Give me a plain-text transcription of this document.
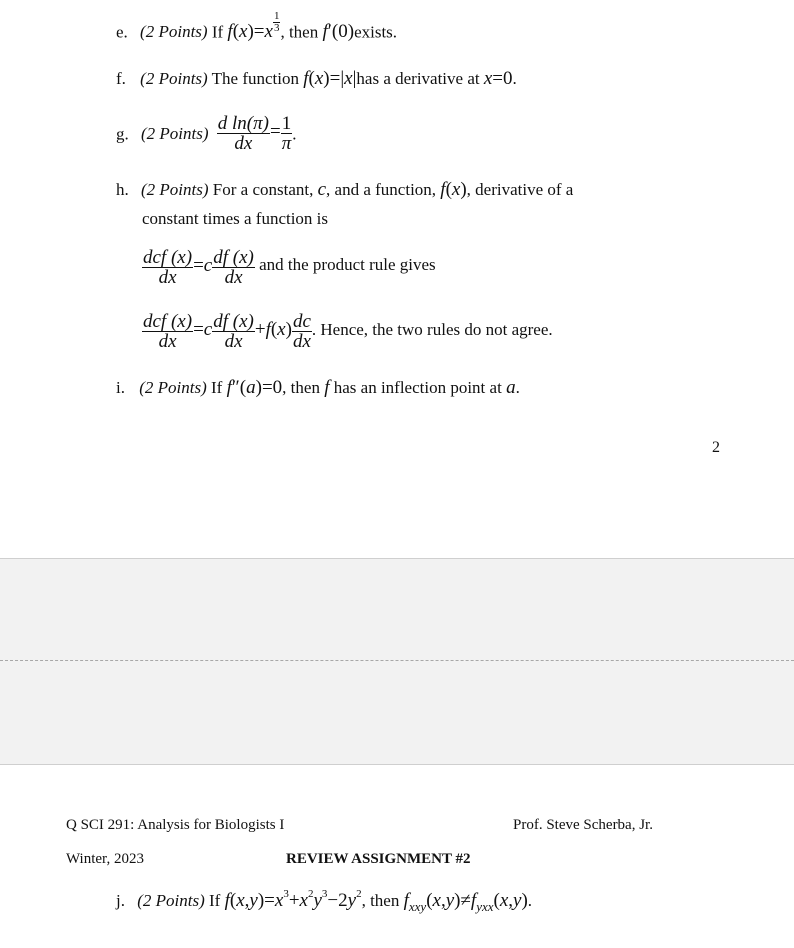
e. (2 Points) If $f(x)=x \frac{1}{3}$ , then f′(0)exists.
f. (2 Points) The function f(x)=|x|has a derivative at x=0.
g. (2 Points) $\frac{\text{d ln(π)}}{dx} = \frac{1}{\pi}$ .
h. (2 Points) For a constant, c, and a function, f(x), derivative of a
constant times a function is
$\frac{\text{dcf (x)}}{dx} =c \frac{df (x)}{dx}$ and the product rule gives
$\frac{\text{dcf (x)}}{dx} =c \frac{df (x)}{dx} +f(x) \frac{dc}{dx}$ . Hence, the two rules do not agree.
i. (2 Points) If f″(a)=0, then f has an inflection point at a.
2
Q SCI 291: Analysis for Biologists I	Prof. Steve Scherba, Jr.
Winter, 2023	REVIEW ASSIGNMENT #2
j. (2 Points) If $f(x,y)=x^3+x^2y^3-2y^2$, then $f_{xxy}(x,y)\ne f_{yxx}(x,y)$.
